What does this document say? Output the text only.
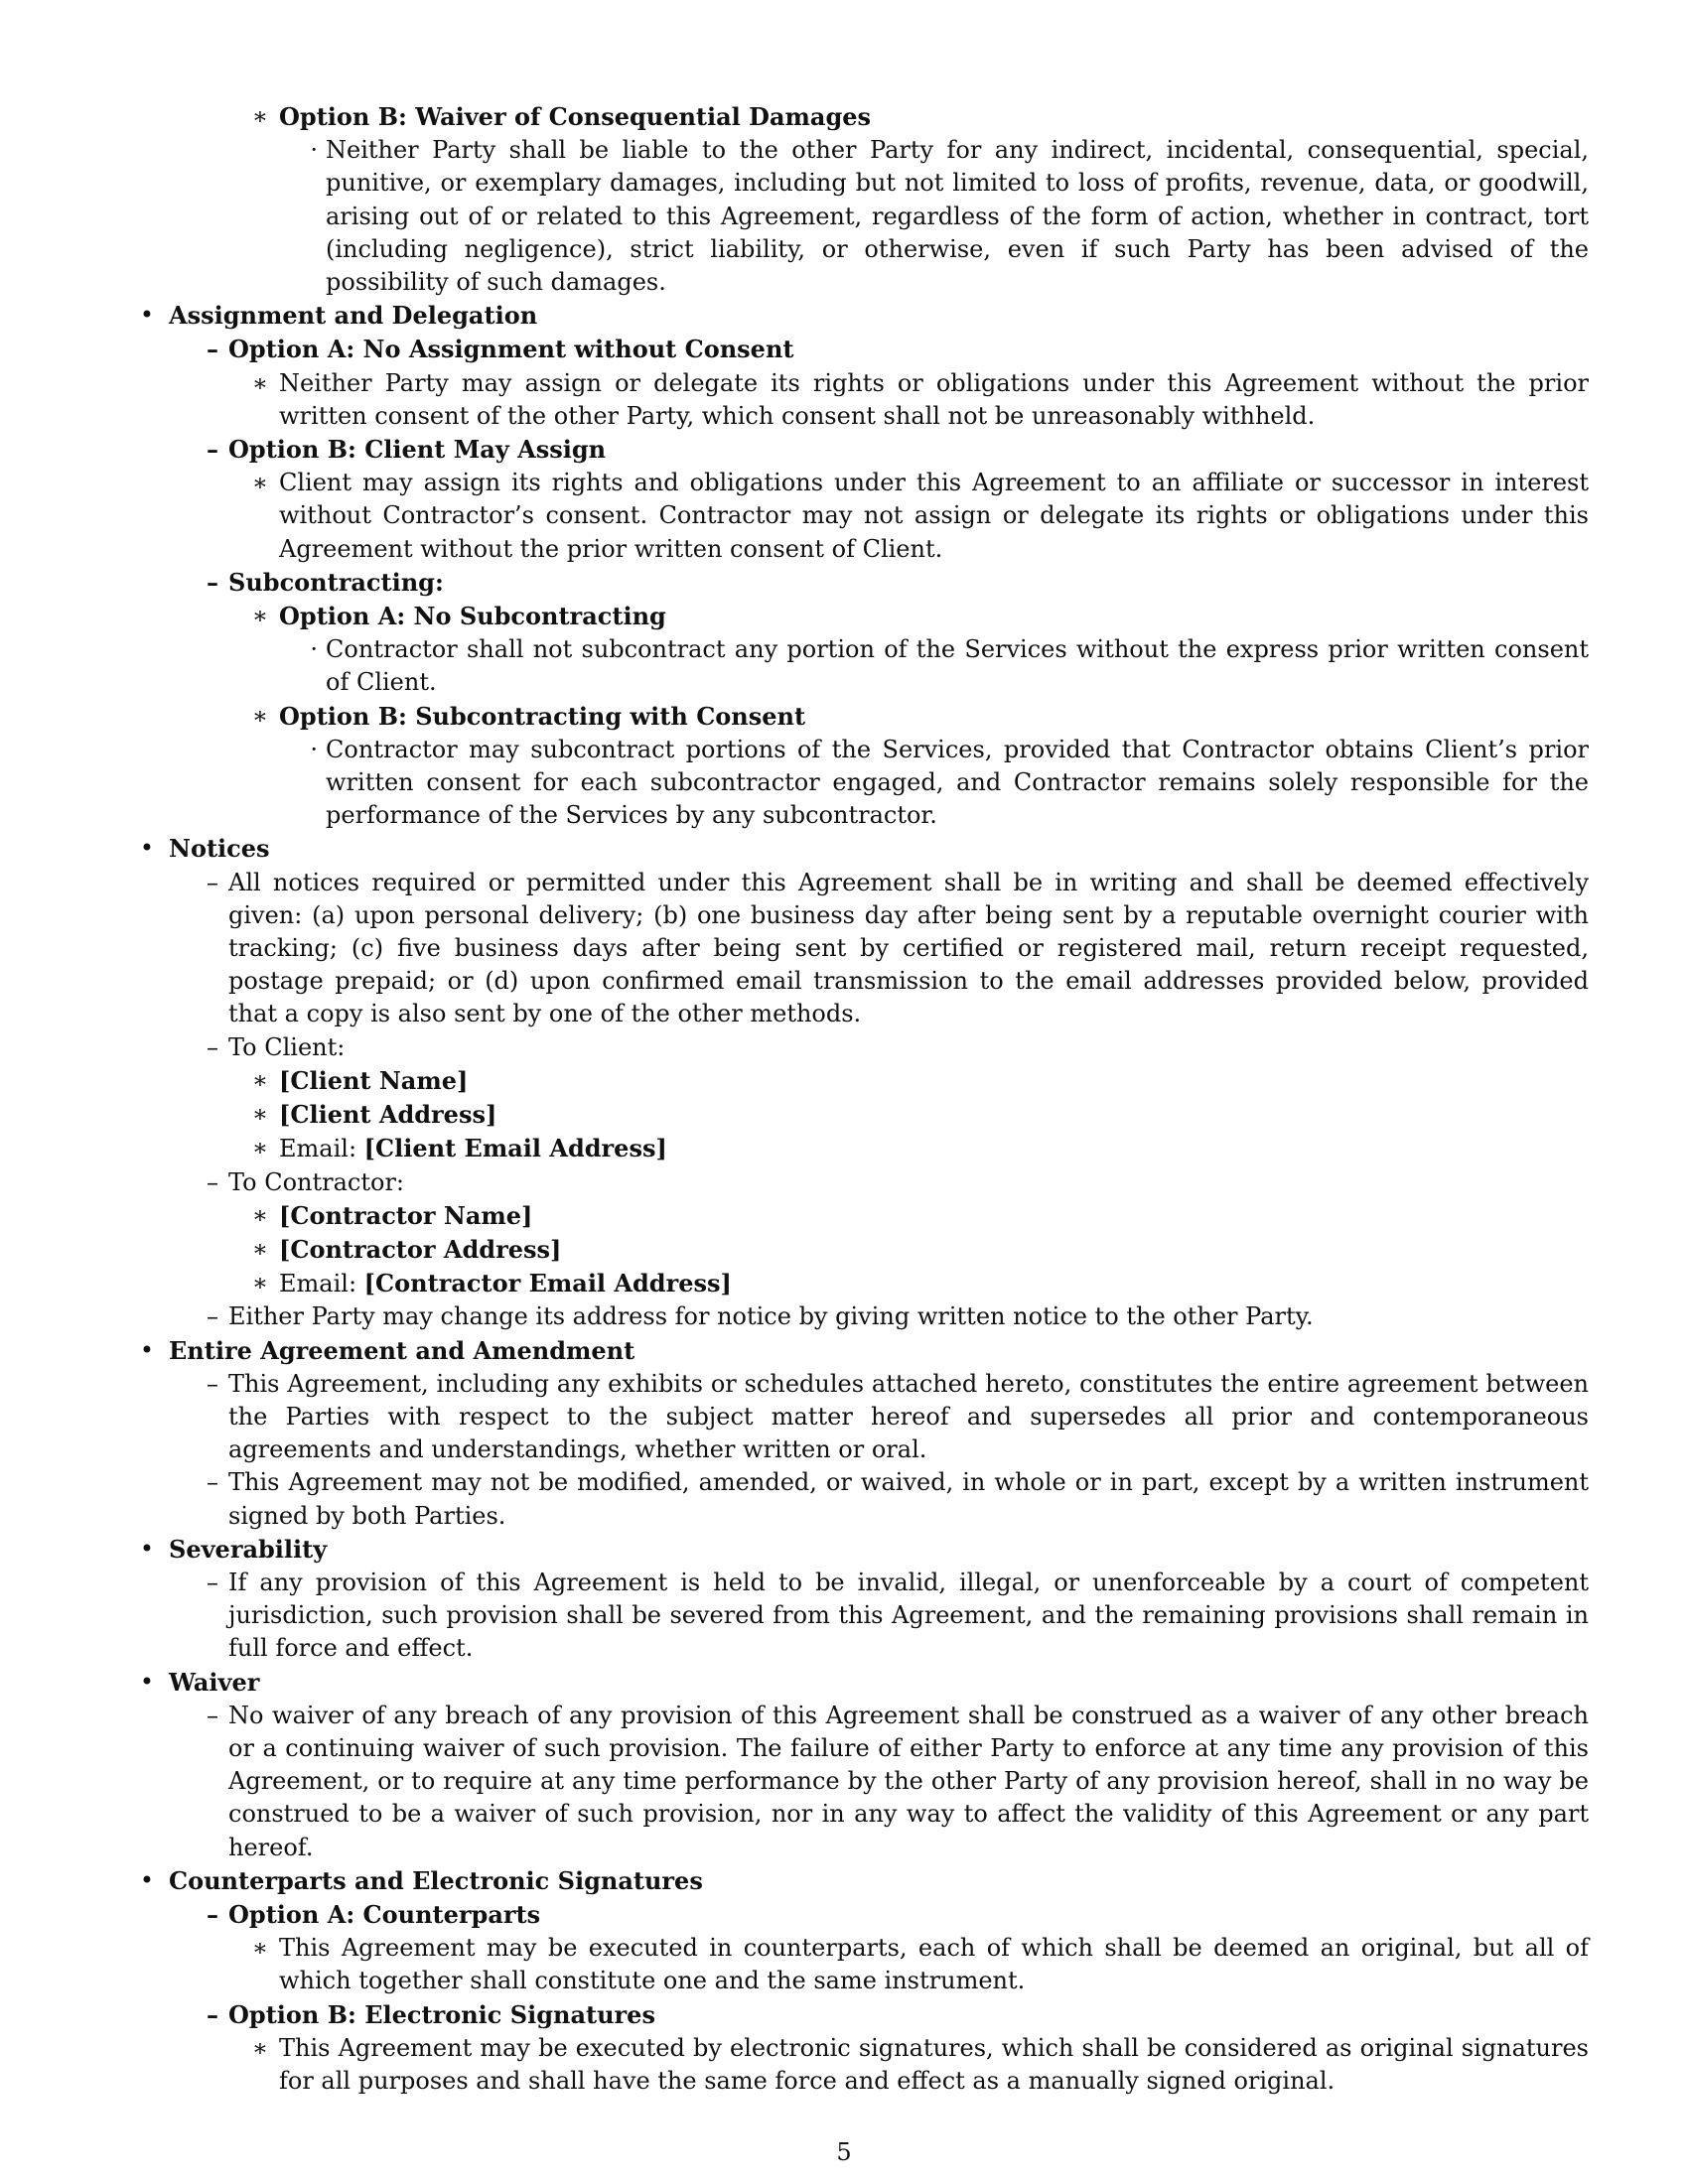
∗ Option B: Waiver of Consequential Damages
· Neither Party shall be liable to the other Party for any indirect, incidental, consequential, special, punitive, or exemplary damages, including but not limited to loss of profits, revenue, data, or goodwill, arising out of or related to this Agreement, regardless of the form of action, whether in contract, tort (including negligence), strict liability, or otherwise, even if such Party has been advised of the possibility of such damages.
• Assignment and Delegation
– Option A: No Assignment without Consent
∗ Neither Party may assign or delegate its rights or obligations under this Agreement without the prior written consent of the other Party, which consent shall not be unreasonably withheld.
– Option B: Client May Assign
∗ Client may assign its rights and obligations under this Agreement to an affiliate or successor in interest without Contractor’s consent. Contractor may not assign or delegate its rights or obligations under this Agreement without the prior written consent of Client.
– Subcontracting:
∗ Option A: No Subcontracting
· Contractor shall not subcontract any portion of the Services without the express prior written consent of Client.
∗ Option B: Subcontracting with Consent
· Contractor may subcontract portions of the Services, provided that Contractor obtains Client’s prior written consent for each subcontractor engaged, and Contractor remains solely responsible for the performance of the Services by any subcontractor.
• Notices
– All notices required or permitted under this Agreement shall be in writing and shall be deemed effectively given: (a) upon personal delivery; (b) one business day after being sent by a reputable overnight courier with tracking; (c) five business days after being sent by certified or registered mail, return receipt requested, postage prepaid; or (d) upon confirmed email transmission to the email addresses provided below, provided that a copy is also sent by one of the other methods.
– To Client:
∗ [Client Name]
∗ [Client Address]
∗ Email: [Client Email Address]
– To Contractor:
∗ [Contractor Name]
∗ [Contractor Address]
∗ Email: [Contractor Email Address]
– Either Party may change its address for notice by giving written notice to the other Party.
• Entire Agreement and Amendment
– This Agreement, including any exhibits or schedules attached hereto, constitutes the entire agreement between the Parties with respect to the subject matter hereof and supersedes all prior and contemporaneous agreements and understandings, whether written or oral.
– This Agreement may not be modified, amended, or waived, in whole or in part, except by a written instrument signed by both Parties.
• Severability
– If any provision of this Agreement is held to be invalid, illegal, or unenforceable by a court of competent jurisdiction, such provision shall be severed from this Agreement, and the remaining provisions shall remain in full force and effect.
• Waiver
– No waiver of any breach of any provision of this Agreement shall be construed as a waiver of any other breach or a continuing waiver of such provision. The failure of either Party to enforce at any time any provision of this Agreement, or to require at any time performance by the other Party of any provision hereof, shall in no way be construed to be a waiver of such provision, nor in any way to affect the validity of this Agreement or any part hereof.
• Counterparts and Electronic Signatures
– Option A: Counterparts
∗ This Agreement may be executed in counterparts, each of which shall be deemed an original, but all of which together shall constitute one and the same instrument.
– Option B: Electronic Signatures
∗ This Agreement may be executed by electronic signatures, which shall be considered as original signatures for all purposes and shall have the same force and effect as a manually signed original.
5
